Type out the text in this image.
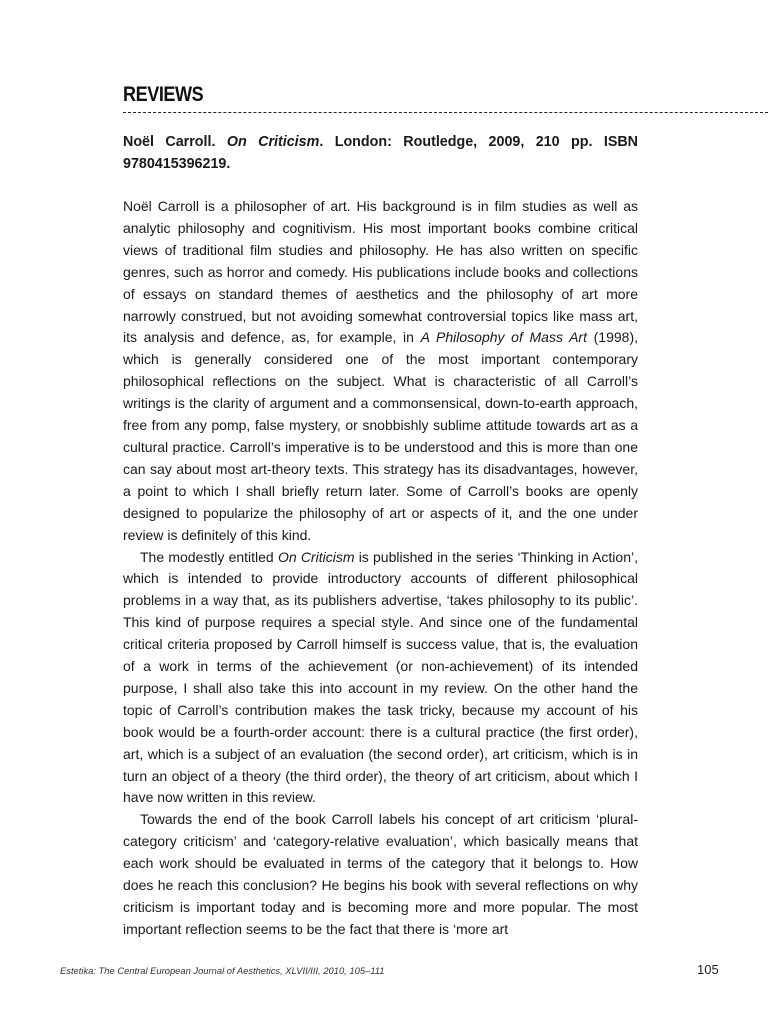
REVIEWS

Noël Carroll. On Criticism. London: Routledge, 2009, 210 pp. ISBN 9780415396219.

Noël Carroll is a philosopher of art. His background is in film studies as well as analytic philosophy and cognitivism. His most important books combine critical views of traditional film studies and philosophy. He has also written on specific genres, such as horror and comedy. His publications include books and collections of essays on standard themes of aesthetics and the philosophy of art more narrowly construed, but not avoiding somewhat controversial topics like mass art, its analysis and defence, as, for example, in A Philosophy of Mass Art (1998), which is generally considered one of the most important contemporary philosophical reflections on the subject. What is characteristic of all Carroll’s writings is the clarity of argument and a commonsensical, down-to-earth approach, free from any pomp, false mystery, or snobbishly sublime attitude towards art as a cultural practice. Carroll’s imperative is to be understood and this is more than one can say about most art-theory texts. This strategy has its disadvantages, however, a point to which I shall briefly return later. Some of Carroll’s books are openly designed to popularize the philosophy of art or aspects of it, and the one under review is definitely of this kind.

The modestly entitled On Criticism is published in the series ‘Thinking in Action’, which is intended to provide introductory accounts of different philosophical problems in a way that, as its publishers advertise, ‘takes philosophy to its public’. This kind of purpose requires a special style. And since one of the fundamental critical criteria proposed by Carroll himself is success value, that is, the evaluation of a work in terms of the achievement (or non-achievement) of its intended purpose, I shall also take this into account in my review. On the other hand the topic of Carroll’s contribution makes the task tricky, because my account of his book would be a fourth-order account: there is a cultural practice (the first order), art, which is a subject of an evaluation (the second order), art criticism, which is in turn an object of a theory (the third order), the theory of art criticism, about which I have now written in this review.

Towards the end of the book Carroll labels his concept of art criticism ‘plural-category criticism’ and ‘category-relative evaluation’, which basically means that each work should be evaluated in terms of the category that it belongs to. How does he reach this conclusion? He begins his book with several reflections on why criticism is important today and is becoming more and more popular. The most important reflection seems to be the fact that there is ‘more art

Estetika: The Central European Journal of Aesthetics, XLVII/III, 2010, 105–111	105
